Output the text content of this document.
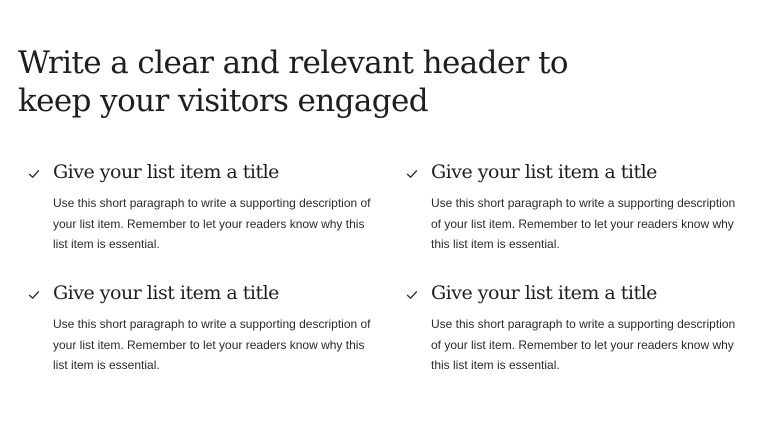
Write a clear and relevant header to keep your visitors engaged
Give your list item a title

Use this short paragraph to write a supporting description of your list item. Remember to let your readers know why this list item is essential.

Give your list item a title

Use this short paragraph to write a supporting description of your list item. Remember to let your readers know why this list item is essential.

Give your list item a title

Use this short paragraph to write a supporting description of your list item. Remember to let your readers know why this list item is essential.

Give your list item a title

Use this short paragraph to write a supporting description of your list item. Remember to let your readers know why this list item is essential.
